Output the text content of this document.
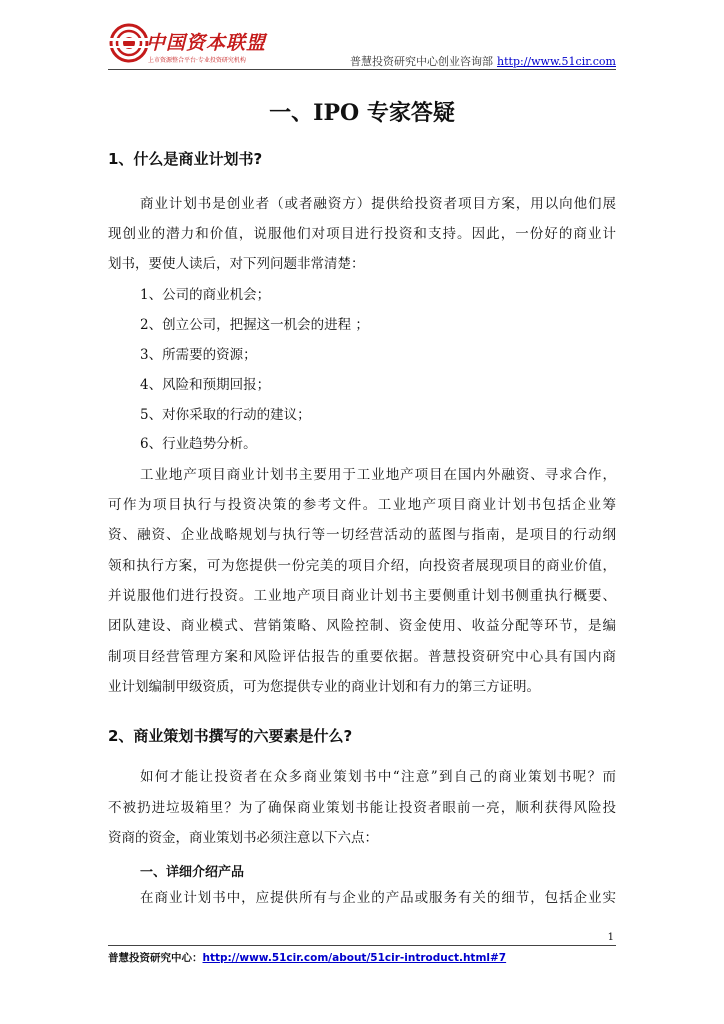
中国资本联盟
上市资源整合平台·专业投资研究机构	普慧投资研究中心创业咨询部 http://www.51cir.com
一、IPO 专家答疑
1、什么是商业计划书?
商业计划书是创业者（或者融资方）提供给投资者项目方案，用以向他们展
现创业的潜力和价值，说服他们对项目进行投资和支持。因此，一份好的商业计
划书，要使人读后，对下列问题非常清楚：
1、公司的商业机会；
2、创立公司，把握这一机会的进程 ；
3、所需要的资源；
4、风险和预期回报；
5、对你采取的行动的建议；
6、行业趋势分析。
工业地产项目商业计划书主要用于工业地产项目在国内外融资、寻求合作，
可作为项目执行与投资决策的参考文件。工业地产项目商业计划书包括企业筹
资、融资、企业战略规划与执行等一切经营活动的蓝图与指南，是项目的行动纲
领和执行方案，可为您提供一份完美的项目介绍，向投资者展现项目的商业价值，
并说服他们进行投资。工业地产项目商业计划书主要侧重计划书侧重执行概要、
团队建设、商业模式、营销策略、风险控制、资金使用、收益分配等环节，是编
制项目经营管理方案和风险评估报告的重要依据。普慧投资研究中心具有国内商
业计划编制甲级资质，可为您提供专业的商业计划和有力的第三方证明。
2、商业策划书撰写的六要素是什么?
如何才能让投资者在众多商业策划书中“注意”到自己的商业策划书呢？而
不被扔进垃圾箱里？为了确保商业策划书能让投资者眼前一亮，顺利获得风险投
资商的资金，商业策划书必须注意以下六点：
一、详细介绍产品
在商业计划书中，应提供所有与企业的产品或服务有关的细节，包括企业实
1
普慧投资研究中心：http://www.51cir.com/about/51cir-introduct.html#7
